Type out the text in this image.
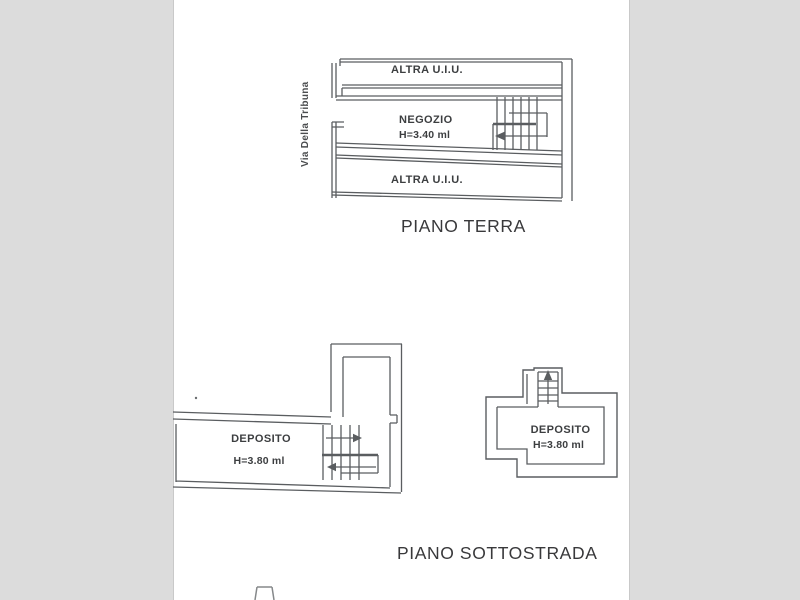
ALTRA U.I.U.
Via Della Tribuna	NEGOZIO
H=3.40 ml
ALTRA U.I.U.
PIANO TERRA
DEPOSITO
H=3.80 ml
DEPOSITO
H=3.80 ml
PIANO SOTTOSTRADA
